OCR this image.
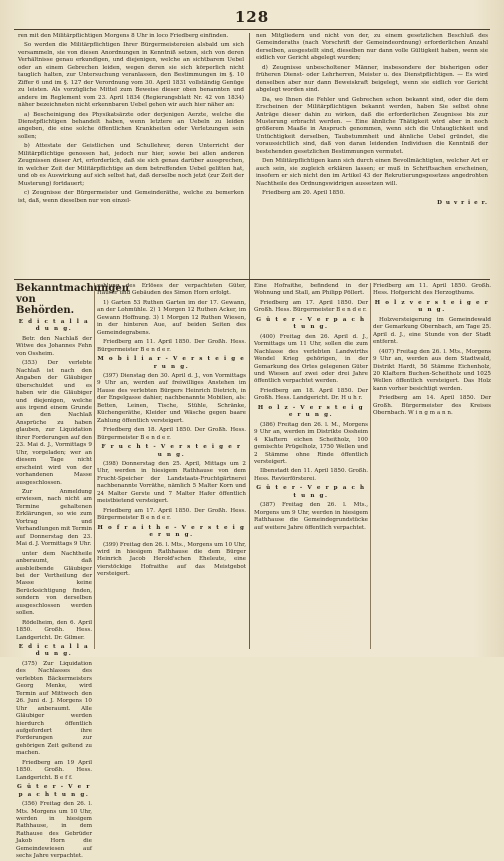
128

ren mit den Militärpflichtigen Morgens 8 Uhr in loco Friedberg einfinden.

So werden die Militärpflichtigen Ihrer Bürgermeistereien alsbald um sich versammeln, sie von diesen Anordnungen in Kenntniß setzen, sich von deren Verhältnisse genau erkundigen, und diejenigen, welche an sichtbarem Uebel oder an einem Gebrechen leiden, wegen deren sie sich körperlich nicht tauglich halten, zur Untersuchung veranlassen, den Bestimmungen im §. 10 Ziffer 6 und im §. 127 der Verordnung vom 30. April 1831 vollständig Genüge zu leisten. Als vorzügliche Mittel zum Beweise dieser oben benannten und andere im Reglement vom 23. April 1834 (Regierungsblatt Nr. 42 von 1834) näher bezeichneten nicht erkennbaren Uebel gehen wir auch hier näher an:

a) Bescheinigung des Physikatsärzte oder derjenigen Aerzte, welche die Dienstpflichtigen behandelt haben, wenn letztere an Uebeln zu leiden angeben, die eine solche öffentlichen Krankheiten oder Verletzungen sein sollen;

b) Attestate der Geistlichen und Schullehrer, deren Unterricht der Militärpflichtige genossen hat, jedoch nur hier, sowie bei allen anderen Zeugnissen dieser Art, erforderlich, daß sie sich genau darüber aussprechen, in welcher Zeit der Militärpflichtige an dem betreffenden Uebel gelitten hat, und ob es Auswirkung auf sich selbst hat, daß derselbe noch jetzt (zur Zeit der Musterung) fortdauert;

c) Zeugnisse der Bürgermeister und Gemeinderäthe, welche zu bemerken ist, daß, wenn dieselben nur von einzel-

nen Mitgliedern und nicht von der, zu einem gesetzlichen Beschluß des Gemeinderaths (nach Vorschrift der Gemeindeordnung) erforderlichen Anzahl derselben, ausgestellt sind, dieselben nur dann volle Gültigkeit haben, wenn sie eidlich vor Gericht abgelegt wurden;

d) Zeugnisse unbescholtener Männer, insbesondere der bisherigen oder früheren Dienst- oder Lehrherren, Meister u. des Dienstpflichtigen. — Es wird denselben aber nur dann Beweiskraft beigelegt, wenn sie eidlich vor Gericht abgelegt worden sind.

Da, wo Ihnen die Fehler und Gebrechen schon bekannt sind, oder die dem Erscheinen der Militärpflichtigen bekannt werden, haben Sie selbst ohne Anträge dieser dahin zu wirken, daß die erforderlichen Zeugnisse bis zur Musterung erbracht werden. — Eine ähnliche Thätigkeit wird aber in noch größerem Maaße in Anspruch genommen, wenn sich die Untauglichkeit und Untüchtigkeit derselben, Taubstummheit und ähnliche Uebel gründet, die voraussichtlich sind, daß von daran leidenden Individuen die Kenntniß der bestehenden gesetzlichen Bestimmungen vermutet.

Den Militärpflichtigen kann sich durch einen Bevollmächtigten, welcher Art er auch sein, sie zugleich erklären lassen; er muß in Schriftsachen erscheinen, insofern er sich nicht den im Artikel 43 der Rekrutierungsgesetzes angedrohten Nachtheile des Ordnungswidrigen aussetzen will.

Friedberg am 20. April 1850.

D u v r i e r.
Bekanntmachungen von Behörden.
E d i c t a l l a d u n g.

Betr. den Nachlaß der Witwe des Johannes Fehn von Ossheim.

(353) Der verlebte Nachlaß ist nach den Angaben der Gläubiger überschuldet und es haben wir die Gläubiger und diejenigen, welche aus irgend einem Grunde an den Nachlaß Ansprüche zu haben glauben, zur Liquidation ihrer Forderungen auf den 23. Mai d. J., Vormittags 9 Uhr, vorgeladen; wer an diesem Tage nicht erscheint wird von der vorhandenen Masse ausgeschlossen.

Zur Anmeldung erwiesen, nach nicht am Termine gehaltenen Erklärungen, so wie zum Vortrag und Verhandlungen mit Termin auf Donnerstag den 23. Mai d. J. Vormittags 9 Uhr.

unter dem Nachtheile anberaumt, daß ausbleibende Gläubiger bei der Vertheilung der Masse keine Berücksichtigung finden, sondern von derselben ausgeschlossen werden sollen.

Rödelheim, den 6. April 1850. Großh. Hess. Landgericht. Dr. Gilmer.

E d i c t a l l a d u n g.

(375) Zur Liquidation des Nachlasses des verlebten Bäckermeisters Georg Menke, wird Termin auf Mittwoch den 26. Juni d. J. Morgens 10 Uhr anberaumt. Alle Gläubiger werden hierdurch öffentlich aufgefordert ihre Forderungen zur gehörigen Zeit geltend zu machen.

Friedberg am 19 April 1850. Großh. Hess. Landgericht. B e f f.

G ü t e r - V e r p a c h t u n g.

(356) Freitag den 26. l. Mts. Morgens um 10 Uhr, werden in hiesigem Rathhause, in dem Rathause des Gebrüder Jakob Horn die Gemeindewiesen auf sechs Jahre verpachtet.

zahlung des Erlöses der verpachteten Güter, Häuser und Gebäuden des Simon Horn erfolgt.

1) Garten 53 Ruthen Garten im der 17. Gewann, an der Lohmühle. 2) 1 Morgen 12 Ruthen Acker, im Gewann Hoffnung. 3) 1 Morgen 12 Ruthen Wiesen, in der hinteren Aue, auf beiden Seiten des Gemeindegrabens.

Friedberg am 11. April 1850. Der Großh. Hess. Bürgermeister B e n d e r.

M o b i l i a r - V e r s t e i g e r u n g.

(397) Dienstag den 30. April d. J., von Vormittags 9 Uhr an, werden auf freiwilliges Anstehen im Hause des verlebten Bürgers Heinrich Dietrich, in der Engelgasse dahier, nachbenannte Mobilien, als: Betten, Leinen, Tische, Stühle, Schränke, Küchengeräthe, Kleider und Wäsche gegen baare Zahlung öffentlich versteigert.

Friedberg den 18. April 1850. Der Großh. Hess. Bürgermeister B e n d e r.

F r u c h t - V e r s t e i g e r u n g.

(398) Donnerstag den 25. April, Mittags um 2 Uhr, werden in hiesigem Rathhause von dem Frucht-Speicher der Landstaats-Fruchtgärtnerei nachbenannte Vorräthe, nämlich 5 Malter Korn und 24 Malter Gerste und 7 Malter Hafer öffentlich meistbietend versteigert.

Friedberg am 17. April 1850. Der Großh. Hess. Bürgermeister B e n d e r.

H o f r a i t h e - V e r s t e i g e r u n g.

(399) Freitag den 26. l. Mts., Morgens um 10 Uhr, wird in hiesigem Rathhause die dem Bürger Heinrich Jacob Herold'schen Eheleute, eine vierstöckige Hofraithe auf das Meistgebot versteigert.

Eine Hofraithe, befindend in der Wohnung und Stall, am Philipp Pöllert.

Friedberg am 17. April 1850. Der Großh. Hess. Bürgermeister B e n d e r.

G ü t e r - V e r p a c h t u n g.

(400) Freitag den 26. April d. J., Vormittags um 11 Uhr, sollen die zum Nachlasse des verlebten Landwirths Wendel Krieg gehörigen, in der Gemarkung des Ortes gelegenen Güter und Wiesen auf zwei oder drei Jahre öffentlich verpachtet werden.

Friedberg am 18. April 1850. Der Großh. Hess. Landgericht. Dr. H u h r.

H o l z - V e r s t e i g e r u n g.

(386) Freitag den 26. l. M., Morgens 9 Uhr an, werden im Distrikte Ossheim 4 Klaftern eichen Scheitholz, 100 gemischte Prügelholz, 1750 Wellen und 2 Stämme ohne Rinde öffentlich versteigert.

Ilbenstadt den 11. April 1850. Großh. Hess. Revierförsterei.

G ü t e r - V e r p a c h t u n g.

(387) Freitag den 26. l. Mts., Morgens um 9 Uhr, werden in hiesigem Rathhause die Gemeindegrundstücke auf weitere Jahre öffentlich verpachtet.

Friedberg am 11. April 1850. Großh. Hess. Hofgericht des Herzogthums.

H o l z v e r s t e i g e r u n g.

Holzversteigerung im Gemeindewald der Gemarkung Obernbach, am Tage 25. April d. J., eine Stunde von der Stadt entfernt.

(407) Freitag den 26. l. Mts., Morgens 9 Uhr an, werden aus dem Stadtwald, Distrikt Hardt, 56 Stämme Eichenholz, 20 Klaftern Buchen-Scheitholz und 1025 Wellen öffentlich versteigert. Das Holz kann vorher besichtigt werden.

Friedberg am 14. April 1850. Der Großh. Bürgermeister des Kreises Obernbach. W i n g m a n n.
